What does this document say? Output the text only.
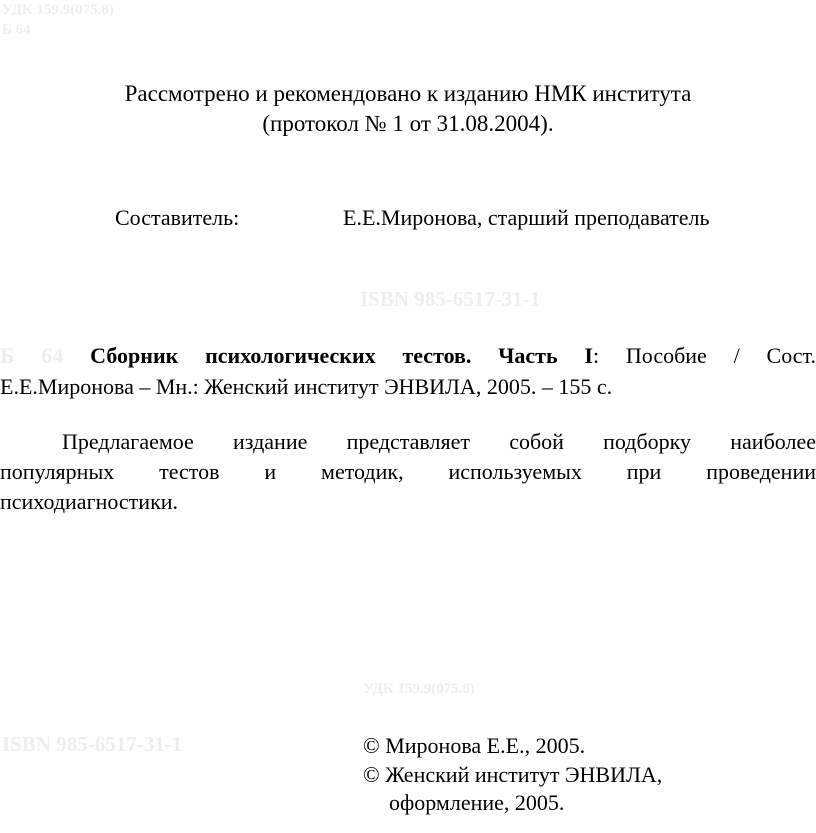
УДК 159.9(075.8)
Б 64
Рассмотрено и рекомендовано к изданию НМК института
(протокол № 1 от 31.08.2004).
Составитель:	Е.Е.Миронова, старший преподаватель
ISBN 985-6517-31-1
Б 64 Сборник психологических тестов. Часть I: Пособие / Сост.
Е.Е.Миронова – Мн.: Женский институт ЭНВИЛА, 2005. – 155 с.
Предлагаемое издание представляет собой подборку наиболее
популярных тестов и методик, используемых при проведении
психодиагностики.
УДК 159.9(075.8)
ISBN 985-6517-31-1	© Миронова Е.Е., 2005.
© Женский институт ЭНВИЛА,
оформление, 2005.
